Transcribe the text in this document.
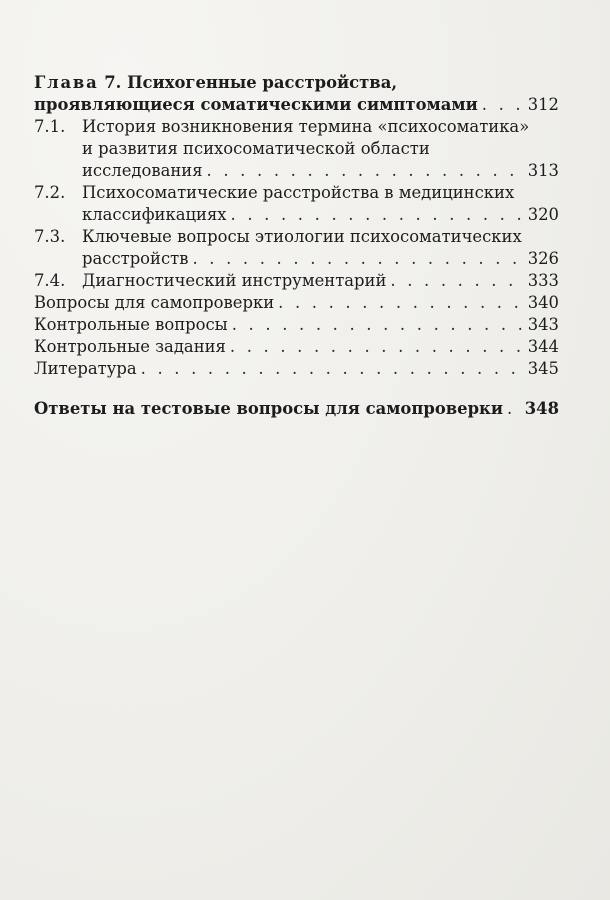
Глава 7. Психогенные расстройства,
проявляющиеся соматическими симптомами . . .	312
7.1. История возникновения термина «психосоматика»
и развития психосоматической области
исследования . . .	313
7.2. Психосоматические расстройства в медицинских
классификациях . . .	320
7.3. Ключевые вопросы этиологии психосоматических
расстройств . . .	326
7.4. Диагностический инструментарий . . .	333
Вопросы для самопроверки . . .	340
Контрольные вопросы . . .	343
Контрольные задания . . .	344
Литература . . .	345
Ответы на тестовые вопросы для самопроверки . . . 348
